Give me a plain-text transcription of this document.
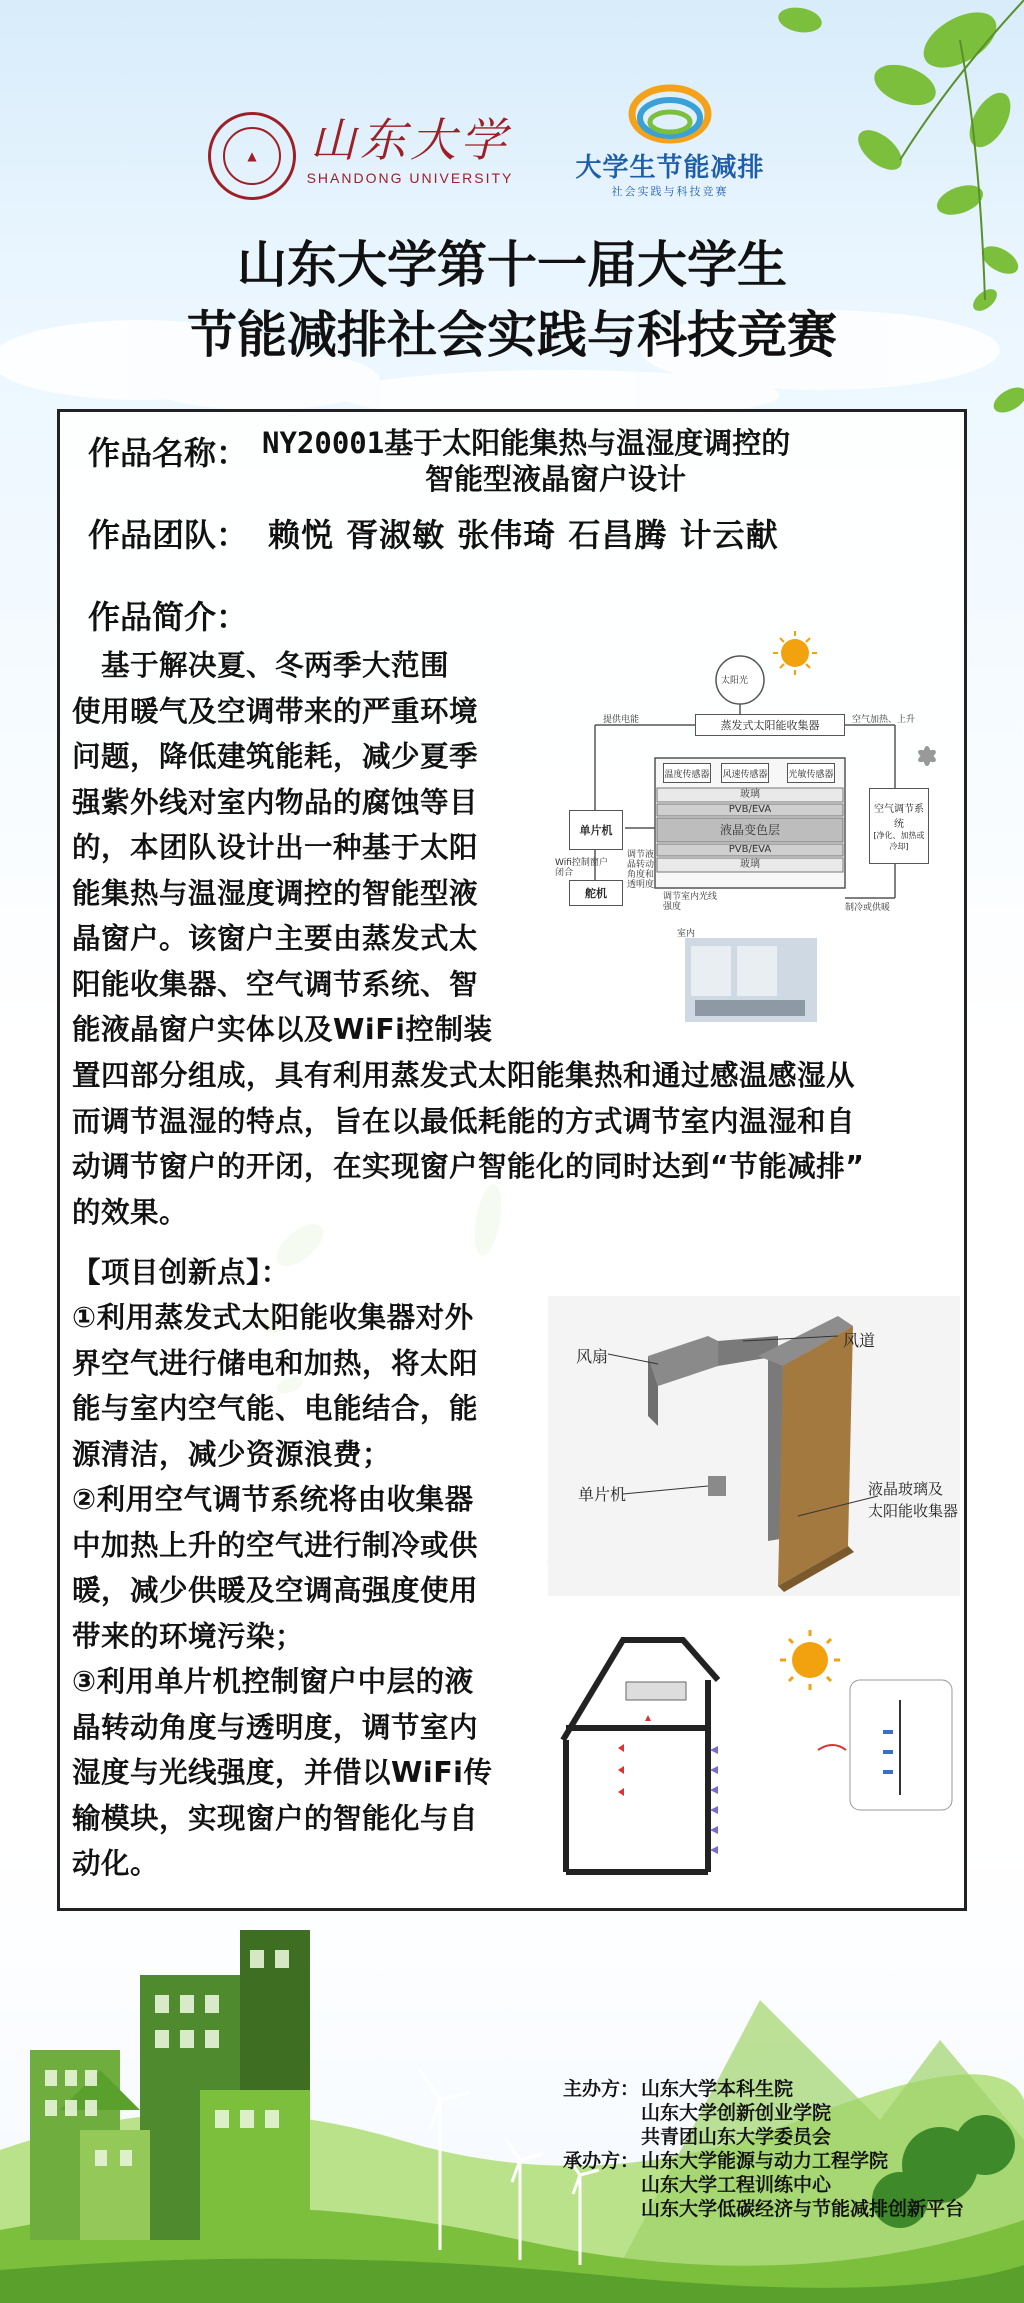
▲	山东大学
SHANDONG UNIVERSITY	大学生节能减排
社会实践与科技竞赛
山东大学第十一届大学生
节能减排社会实践与科技竞赛
作品名称： NY20001基于太阳能集热与温湿度调控的
智能型液晶窗户设计
作品团队： 赖悦 胥淑敏 张伟琦 石昌腾 计云献
作品简介：

　基于解决夏、冬两季大范围

使用暖气及空调带来的严重环境

问题，降低建筑能耗，减少夏季

强紫外线对室内物品的腐蚀等目

的，本团队设计出一种基于太阳

能集热与温湿度调控的智能型液

晶窗户。该窗户主要由蒸发式太

阳能收集器、空气调节系统、智

能液晶窗户实体以及WiFi控制装

置四部分组成，具有利用蒸发式太阳能集热和通过感温感湿从

而调节温湿的特点，旨在以最低耗能的方式调节室内温湿和自

动调节窗户的开闭，在实现窗户智能化的同时达到“节能减排”

的效果。

太阳光
蒸发式太阳能收集器
提供电能	空气加热、上升
温度传感器 风速传感器 光敏传感器
玻璃
PVB/EVA
液晶变色层
PVB/EVA
玻璃
单片机
调节液晶转动角度和透明度
Wifi控制窗户闭合
舵机	调节室内光线强度	制冷或供暖
空气调节系统
[净化、加热或冷却]
室内
【项目创新点】：

①利用蒸发式太阳能收集器对外

界空气进行储电和加热，将太阳

能与室内空气能、电能结合，能

源清洁，减少资源浪费；

②利用空气调节系统将由收集器

中加热上升的空气进行制冷或供

暖，减少供暖及空调高强度使用

带来的环境污染；

③利用单片机控制窗户中层的液

晶转动角度与透明度，调节室内

湿度与光线强度，并借以WiFi传

输模块，实现窗户的智能化与自

动化。

风扇
风道
单片机	液晶玻璃及
太阳能收集器
主办方： 山东大学本科生院
山东大学创新创业学院
共青团山东大学委员会
承办方： 山东大学能源与动力工程学院
山东大学工程训练中心
山东大学低碳经济与节能减排创新平台
